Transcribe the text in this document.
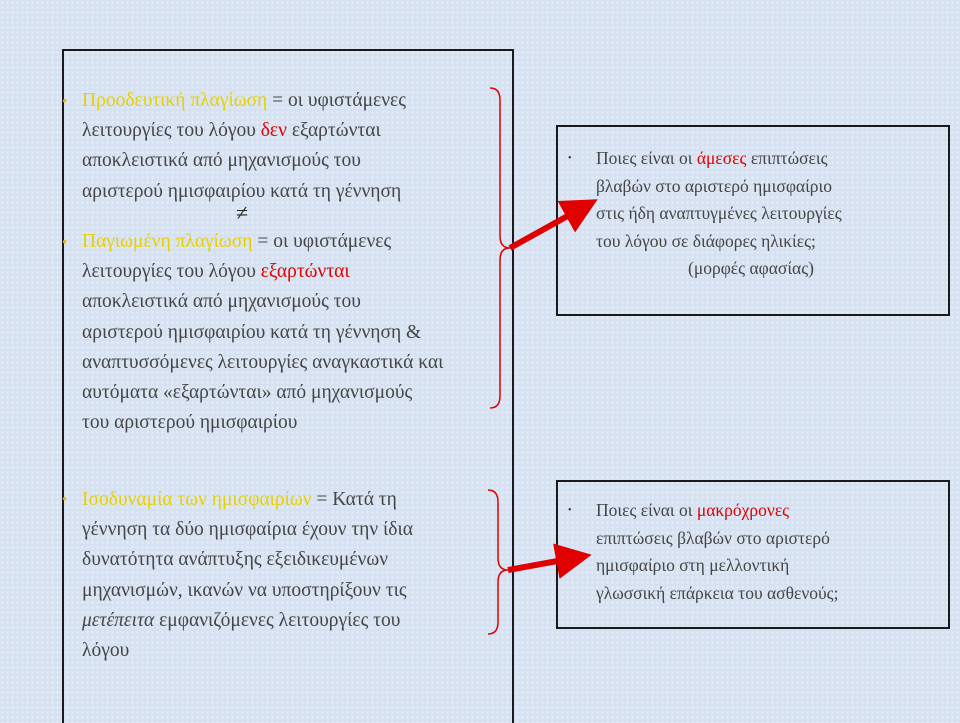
• Προοδευτική πλαγίωση = οι υφιστάμενες
λειτουργίες του λόγου δεν εξαρτώνται
αποκλειστικά από μηχανισμούς του
αριστερού ημισφαιρίου κατά τη γέννηση

≠
• Παγιωμένη πλαγίωση = οι υφιστάμενες
λειτουργίες του λόγου εξαρτώνται
αποκλειστικά από μηχανισμούς του
αριστερού ημισφαιρίου κατά τη γέννηση &
αναπτυσσόμενες λειτουργίες αναγκαστικά και
αυτόματα «εξαρτώνται» από μηχανισμούς
του αριστερού ημισφαιρίου

• Ισοδυναμία των ημισφαιρίων = Κατά τη
γέννηση τα δύο ημισφαίρια έχουν την ίδια
δυνατότητα ανάπτυξης εξειδικευμένων
μηχανισμών, ικανών να υποστηρίξουν τις
μετέπειτα εμφανιζόμενες λειτουργίες του
λόγου

• Ποιες είναι οι άμεσες επιπτώσεις
βλαβών στο αριστερό ημισφαίριο
στις ήδη αναπτυγμένες λειτουργίες
του λόγου σε διάφορες ηλικίες;

(μορφές αφασίας)

• Ποιες είναι οι μακρόχρονες
επιπτώσεις βλαβών στο αριστερό
ημισφαίριο στη μελλοντική
γλωσσική επάρκεια του ασθενούς;
